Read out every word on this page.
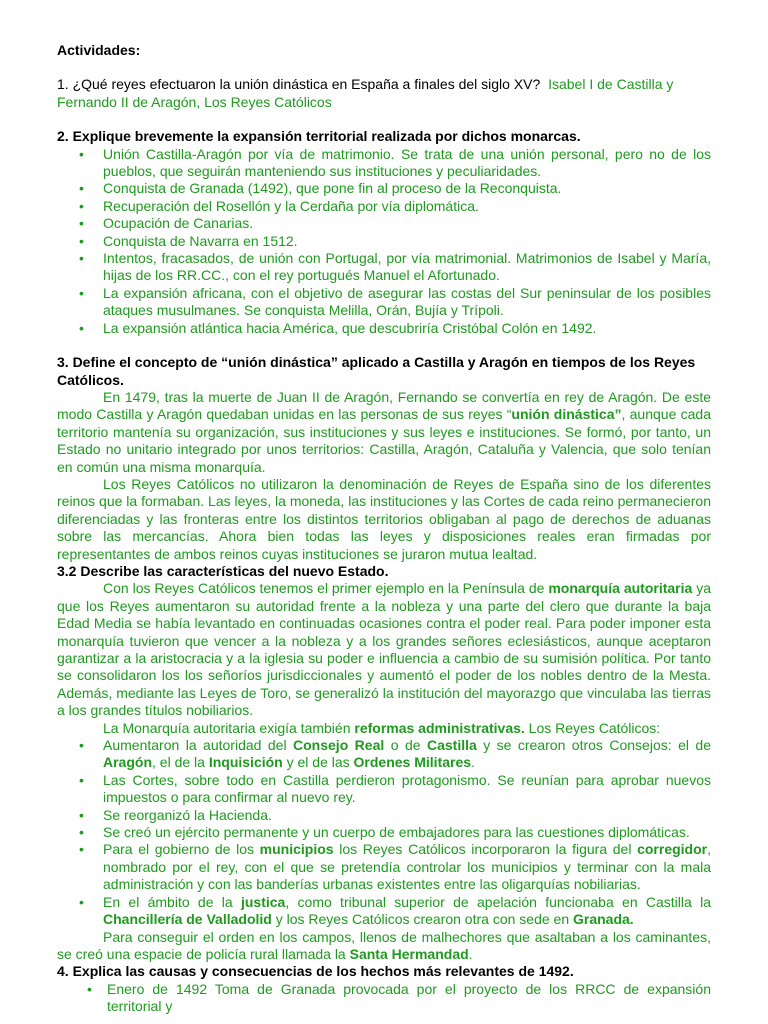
Actividades:

1. ¿Qué reyes efectuaron la unión dinástica en España a finales del siglo XV? Isabel I de Castilla y Fernando II de Aragón, Los Reyes Católicos

2. Explique brevemente la expansión territorial realizada por dichos monarcas.

• Unión Castilla-Aragón por vía de matrimonio. Se trata de una unión personal, pero no de los pueblos, que seguirán manteniendo sus instituciones y peculiaridades.
• Conquista de Granada (1492), que pone fin al proceso de la Reconquista.
• Recuperación del Rosellón y la Cerdaña por vía diplomática.
• Ocupación de Canarias.
• Conquista de Navarra en 1512.
• Intentos, fracasados, de unión con Portugal, por vía matrimonial. Matrimonios de Isabel y María, hijas de los RR.CC., con el rey portugués Manuel el Afortunado.
• La expansión africana, con el objetivo de asegurar las costas del Sur peninsular de los posibles ataques musulmanes. Se conquista Melilla, Orán, Bujía y Trípoli.
• La expansión atlántica hacia América, que descubriría Cristóbal Colón en 1492.

3. Define el concepto de “unión dinástica” aplicado a Castilla y Aragón en tiempos de los Reyes Católicos.

En 1479, tras la muerte de Juan II de Aragón, Fernando se convertía en rey de Aragón. De este modo Castilla y Aragón quedaban unidas en las personas de sus reyes “unión dinástica”, aunque cada territorio mantenía su organización, sus instituciones y sus leyes e instituciones. Se formó, por tanto, un Estado no unitario integrado por unos territorios: Castilla, Aragón, Cataluña y Valencia, que solo tenían en común una misma monarquía.

Los Reyes Católicos no utilizaron la denominación de Reyes de España sino de los diferentes reinos que la formaban. Las leyes, la moneda, las instituciones y las Cortes de cada reino permanecieron diferenciadas y las fronteras entre los distintos territorios obligaban al pago de derechos de aduanas sobre las mercancías. Ahora bien todas las leyes y disposiciones reales eran firmadas por representantes de ambos reinos cuyas instituciones se juraron mutua lealtad.

3.2 Describe las características del nuevo Estado.

Con los Reyes Católicos tenemos el primer ejemplo en la Península de monarquía autoritaria ya que los Reyes aumentaron su autoridad frente a la nobleza y una parte del clero que durante la baja Edad Media se había levantado en continuadas ocasiones contra el poder real. Para poder imponer esta monarquía tuvieron que vencer a la nobleza y a los grandes señores eclesiásticos, aunque aceptaron garantizar a la aristocracia y a la iglesia su poder e influencia a cambio de su sumisión política. Por tanto se consolidaron los los señoríos jurisdiccionales y aumentó el poder de los nobles dentro de la Mesta. Además, mediante las Leyes de Toro, se generalizó la institución del mayorazgo que vinculaba las tierras a los grandes títulos nobiliarios.

La Monarquía autoritaria exigía también reformas administrativas. Los Reyes Católicos:

• Aumentaron la autoridad del Consejo Real o de Castilla y se crearon otros Consejos: el de Aragón, el de la Inquisición y el de las Ordenes Militares.
• Las Cortes, sobre todo en Castilla perdieron protagonismo. Se reunían para aprobar nuevos impuestos o para confirmar al nuevo rey.
• Se reorganizó la Hacienda.
• Se creó un ejército permanente y un cuerpo de embajadores para las cuestiones diplomáticas.
• Para el gobierno de los municipios los Reyes Católicos incorporaron la figura del corregidor, nombrado por el rey, con el que se pretendía controlar los municipios y terminar con la mala administración y con las banderías urbanas existentes entre las oligarquías nobiliarias.
• En el ámbito de la justica, como tribunal superior de apelación funcionaba en Castilla la Chancillería de Valladolid y los Reyes Católicos crearon otra con sede en Granada.

Para conseguir el orden en los campos, llenos de malhechores que asaltaban a los caminantes, se creó una espacie de policía rural llamada la Santa Hermandad.

4. Explica las causas y consecuencias de los hechos más relevantes de 1492.

• Enero de 1492 Toma de Granada provocada por el proyecto de los RRCC de expansión territorial y
